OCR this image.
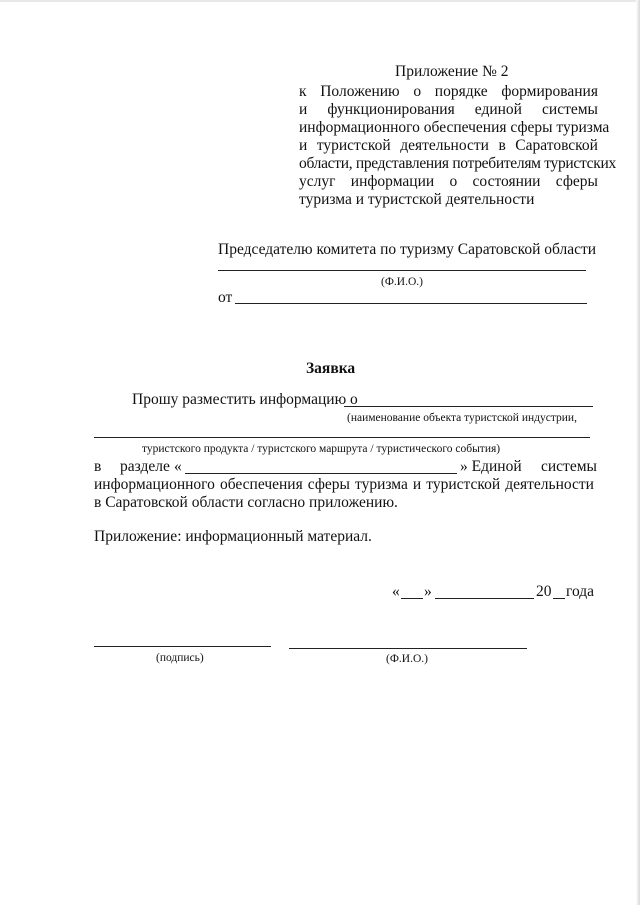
Приложение № 2
к Положению о порядке формирования
и функционирования единой системы
информационного обеспечения сферы туризма
и туристской деятельности в Саратовской
области, представления потребителям туристских
услуг информации о состоянии сферы
туризма и туристской деятельности
Председателю комитета по туризму Саратовской области
(Ф.И.О.)
от
Заявка
Прошу разместить информацию о
(наименование объекта туристской индустрии,
туристского продукта / туристского маршрута / туристического события)
в разделе «	» Единой системы
информационного обеспечения сферы туризма и туристской деятельности
в Саратовской области согласно приложению.
Приложение: информационный материал.
« »	20 года
(подпись)	(Ф.И.О.)
